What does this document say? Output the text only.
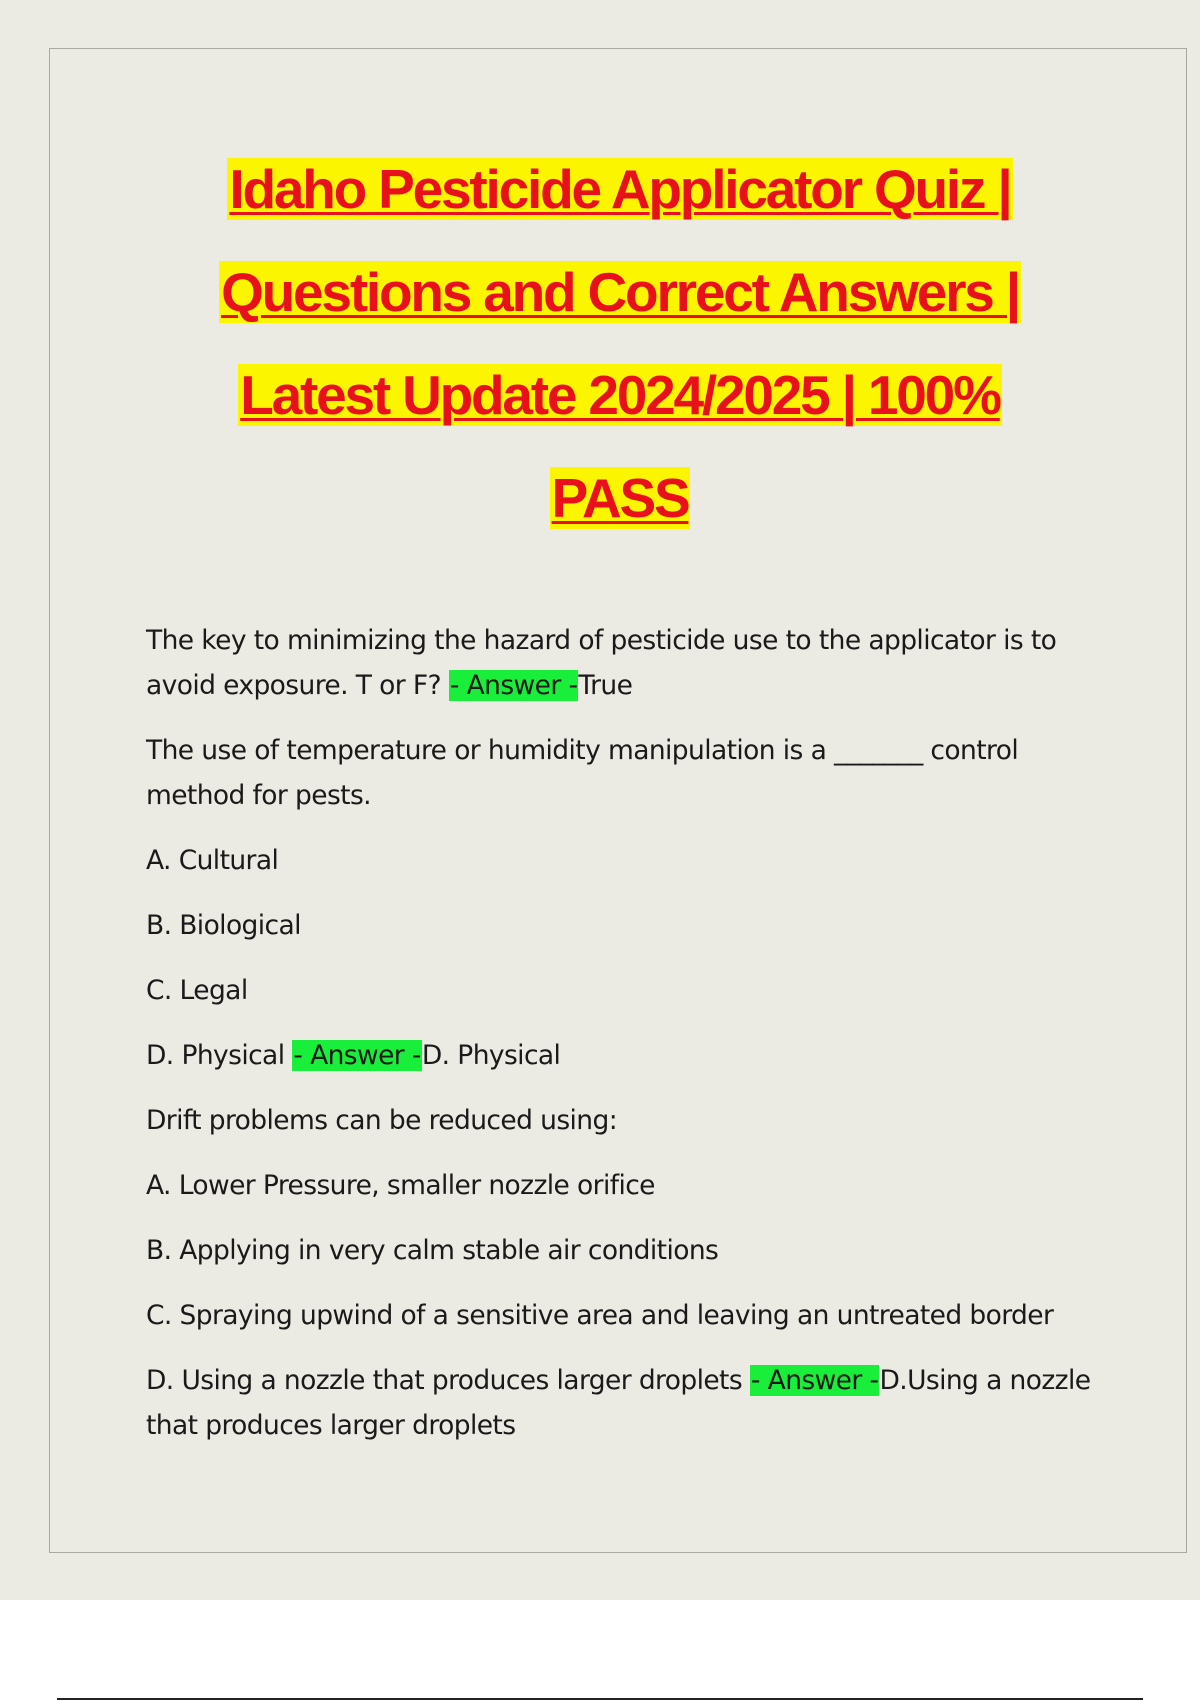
Idaho Pesticide Applicator Quiz |
Questions and Correct Answers |
Latest Update 2024/2025 | 100%
PASS

The key to minimizing the hazard of pesticide use to the applicator is to avoid exposure. T or F? - Answer -True

The use of temperature or humidity manipulation is a _______ control method for pests.

A. Cultural

B. Biological

C. Legal

D. Physical - Answer -D. Physical

Drift problems can be reduced using:

A. Lower Pressure, smaller nozzle orifice

B. Applying in very calm stable air conditions

C. Spraying upwind of a sensitive area and leaving an untreated border

D. Using a nozzle that produces larger droplets - Answer -D.Using a nozzle that produces larger droplets
